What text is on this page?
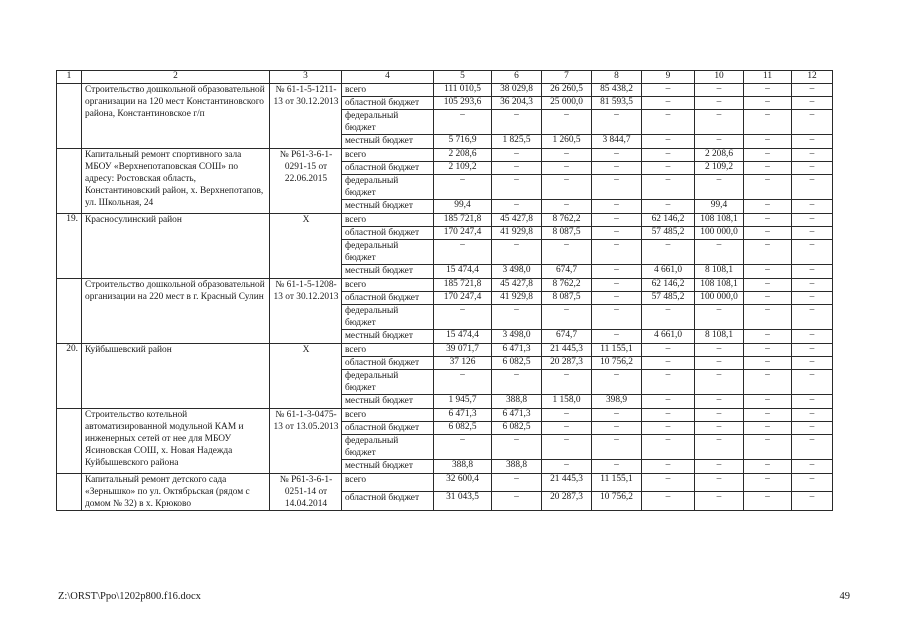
1	2	3	4	5	6	7	8	9	10	11	12
	Строительство дошкольной образовательной организации на 120 мест Константиновского района, Константиновское г/п	№ 61-1-5-1211-13 от 30.12.2013	всего	111 010,5	38 029,8	26 260,5	85 438,2	–	–	–	–
			областной бюджет	105 293,6	36 204,3	25 000,0	81 593,5	–	–	–	–
			федеральный бюджет	–	–	–	–	–	–	–	–
			местный бюджет	5 716,9	1 825,5	1 260,5	3 844,7	–	–	–	–
	Капитальный ремонт спортивного зала МБОУ «Верхнепотаповская СОШ» по адресу: Ростовская область, Константиновский район, х. Верхнепотапов, ул. Школьная, 24	№ Р61-3-6-1-0291-15 от 22.06.2015	всего	2 208,6	–	–	–	–	2 208,6	–	–
			областной бюджет	2 109,2	–	–	–	–	2 109,2	–	–
			федеральный бюджет	–	–	–	–	–	–	–	–
			местный бюджет	99,4	–	–	–	–	99,4	–	–
19.	Красносулинский район	Х	всего	185 721,8	45 427,8	8 762,2	–	62 146,2	108 108,1	–	–
			областной бюджет	170 247,4	41 929,8	8 087,5	–	57 485,2	100 000,0	–	–
			федеральный бюджет	–	–	–	–	–	–	–	–
			местный бюджет	15 474,4	3 498,0	674,7	–	4 661,0	8 108,1	–	–
	Строительство дошкольной образовательной организации на 220 мест в г. Красный Сулин	№ 61-1-5-1208-13 от 30.12.2013	всего	185 721,8	45 427,8	8 762,2	–	62 146,2	108 108,1	–	–
			областной бюджет	170 247,4	41 929,8	8 087,5	–	57 485,2	100 000,0	–	–
			федеральный бюджет	–	–	–	–	–	–	–	–
			местный бюджет	15 474,4	3 498,0	674,7	–	4 661,0	8 108,1	–	–
20.	Куйбышевский район	Х	всего	39 071,7	6 471,3	21 445,3	11 155,1	–	–	–	–
			областной бюджет	37 126	6 082,5	20 287,3	10 756,2	–	–	–	–
			федеральный бюджет	–	–	–	–	–	–	–	–
			местный бюджет	1 945,7	388,8	1 158,0	398,9	–	–	–	–
	Строительство котельной автоматизированной модульной КАМ и инженерных сетей от нее для МБОУ Ясиновская СОШ, х. Новая Надежда Куйбышевского района	№ 61-1-3-0475-13 от 13.05.2013	всего	6 471,3	6 471,3	–	–	–	–	–	–
			областной бюджет	6 082,5	6 082,5	–	–	–	–	–	–
			федеральный бюджет	–	–	–	–	–	–	–	–
			местный бюджет	388,8	388,8	–	–	–	–	–	–
	Капитальный ремонт детского сада «Зернышко» по ул. Октябрьская (рядом с домом № 32) в х. Крюково	№ Р61-3-6-1-0251-14 от 14.04.2014	всего	32 600,4	–	21 445,3	11 155,1	–	–	–	–
			областной бюджет	31 043,5	–	20 287,3	10 756,2	–	–	–	–
Z:\ORST\Ppo\1202p800.f16.docx	49
